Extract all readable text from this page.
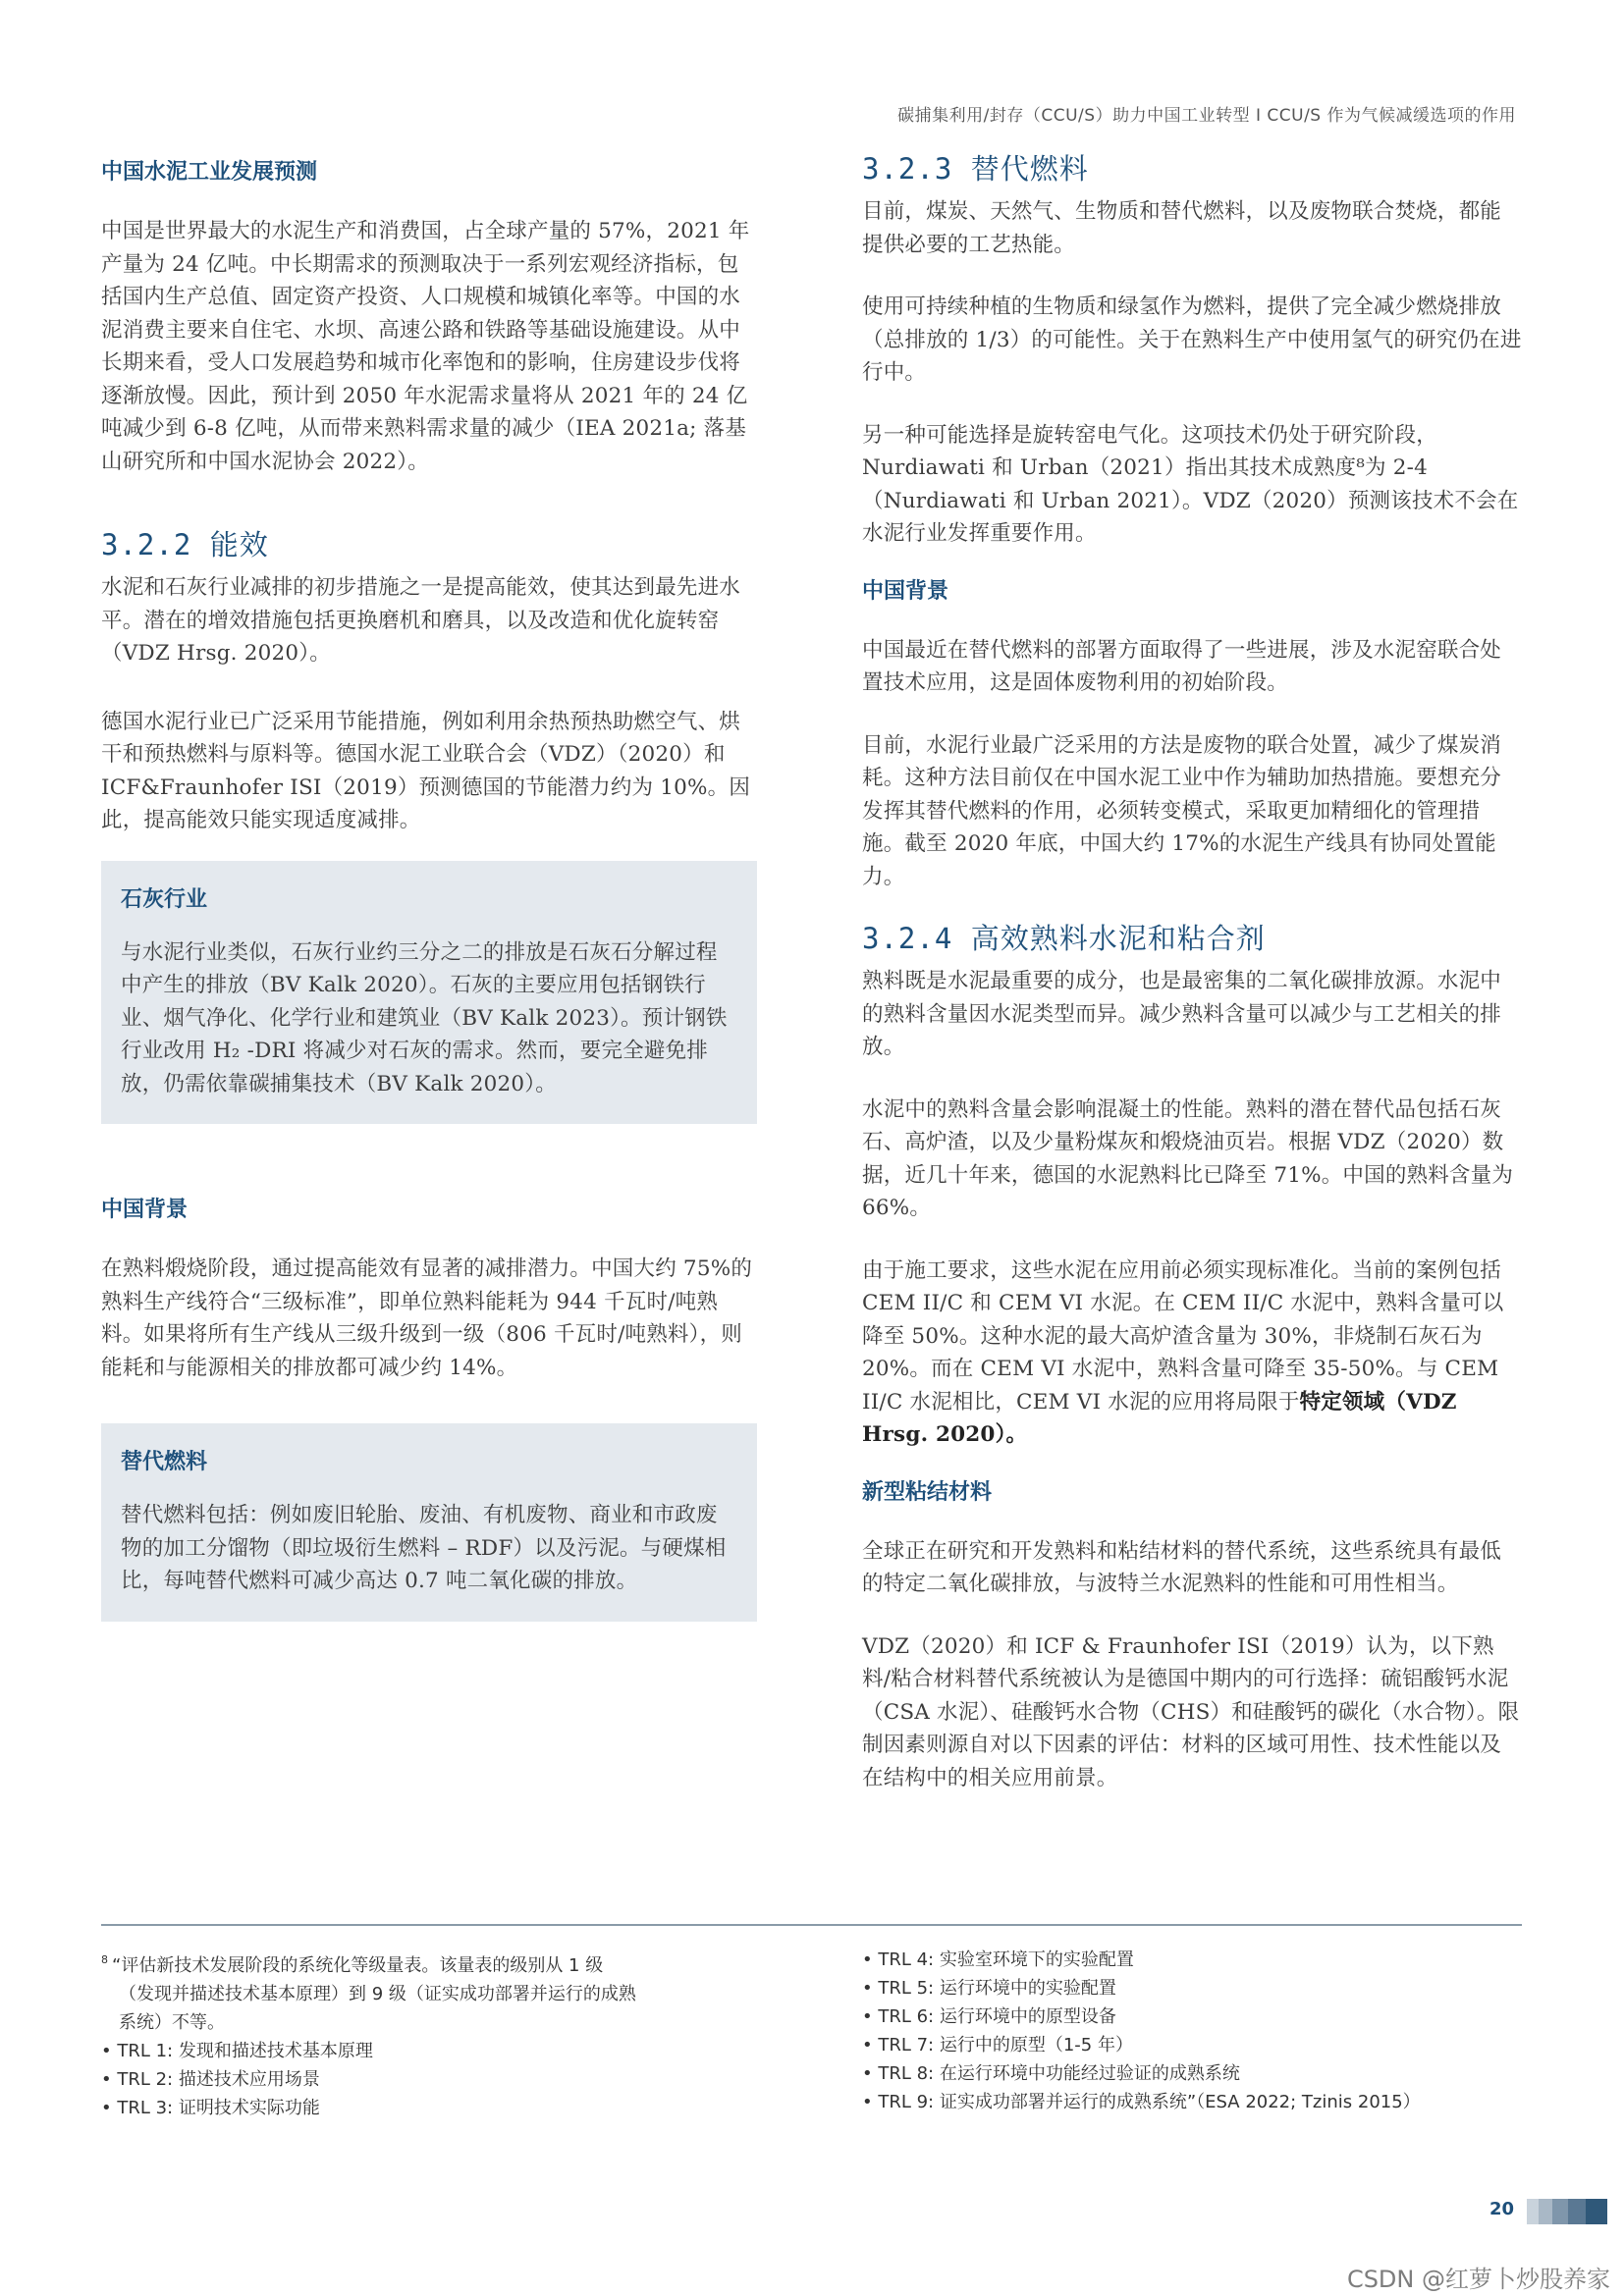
碳捕集利用/封存（CCU/S）助力中国工业转型 I CCU/S 作为气候减缓选项的作用
中国水泥工业发展预测

中国是世界最大的水泥生产和消费国，占全球产量的 57%，2021 年产量为 24 亿吨。中长期需求的预测取决于一系列宏观经济指标，包括国内生产总值、固定资产投资、人口规模和城镇化率等。中国的水泥消费主要来自住宅、水坝、高速公路和铁路等基础设施建设。从中长期来看，受人口发展趋势和城市化率饱和的影响，住房建设步伐将逐渐放慢。因此，预计到 2050 年水泥需求量将从 2021 年的 24 亿吨减少到 6-8 亿吨，从而带来熟料需求量的减少（IEA 2021a; 落基山研究所和中国水泥协会 2022）。

3.2.2 能效

水泥和石灰行业减排的初步措施之一是提高能效，使其达到最先进水平。潜在的增效措施包括更换磨机和磨具，以及改造和优化旋转窑（VDZ Hrsg. 2020）。

德国水泥行业已广泛采用节能措施，例如利用余热预热助燃空气、烘干和预热燃料与原料等。德国水泥工业联合会（VDZ）（2020）和 ICF&Fraunhofer ISI（2019）预测德国的节能潜力约为 10%。因此，提高能效只能实现适度减排。

石灰行业

与水泥行业类似，石灰行业约三分之二的排放是石灰石分解过程中产生的排放（BV Kalk 2020）。石灰的主要应用包括钢铁行业、烟气净化、化学行业和建筑业（BV Kalk 2023）。预计钢铁行业改用 H₂ -DRI 将减少对石灰的需求。然而，要完全避免排放，仍需依靠碳捕集技术（BV Kalk 2020）。

中国背景

在熟料煅烧阶段，通过提高能效有显著的减排潜力。中国大约 75%的熟料生产线符合“三级标准”，即单位熟料能耗为 944 千瓦时/吨熟料。如果将所有生产线从三级升级到一级（806 千瓦时/吨熟料），则能耗和与能源相关的排放都可减少约 14%。

替代燃料

替代燃料包括：例如废旧轮胎、废油、有机废物、商业和市政废物的加工分馏物（即垃圾衍生燃料 – RDF）以及污泥。与硬煤相比，每吨替代燃料可减少高达 0.7 吨二氧化碳的排放。

3.2.3 替代燃料

目前，煤炭、天然气、生物质和替代燃料，以及废物联合焚烧，都能提供必要的工艺热能。

使用可持续种植的生物质和绿氢作为燃料，提供了完全减少燃烧排放（总排放的 1/3）的可能性。关于在熟料生产中使用氢气的研究仍在进行中。

另一种可能选择是旋转窑电气化。这项技术仍处于研究阶段，Nurdiawati 和 Urban（2021）指出其技术成熟度⁸为 2-4（Nurdiawati 和 Urban 2021）。VDZ（2020）预测该技术不会在水泥行业发挥重要作用。

中国背景

中国最近在替代燃料的部署方面取得了一些进展，涉及水泥窑联合处置技术应用，这是固体废物利用的初始阶段。

目前，水泥行业最广泛采用的方法是废物的联合处置，减少了煤炭消耗。这种方法目前仅在中国水泥工业中作为辅助加热措施。要想充分发挥其替代燃料的作用，必须转变模式，采取更加精细化的管理措施。截至 2020 年底，中国大约 17%的水泥生产线具有协同处置能力。

3.2.4 高效熟料水泥和粘合剂

熟料既是水泥最重要的成分，也是最密集的二氧化碳排放源。水泥中的熟料含量因水泥类型而异。减少熟料含量可以减少与工艺相关的排放。

水泥中的熟料含量会影响混凝土的性能。熟料的潜在替代品包括石灰石、高炉渣，以及少量粉煤灰和煅烧油页岩。根据 VDZ（2020）数据，近几十年来，德国的水泥熟料比已降至 71%。中国的熟料含量为 66%。

由于施工要求，这些水泥在应用前必须实现标准化。当前的案例包括 CEM II/C 和 CEM VI 水泥。在 CEM II/C 水泥中，熟料含量可以降至 50%。这种水泥的最大高炉渣含量为 30%，非烧制石灰石为 20%。而在 CEM VI 水泥中，熟料含量可降至 35-50%。与 CEM II/C 水泥相比，CEM VI 水泥的应用将局限于特定领域（VDZ Hrsg. 2020）。

新型粘结材料

全球正在研究和开发熟料和粘结材料的替代系统，这些系统具有最低的特定二氧化碳排放，与波特兰水泥熟料的性能和可用性相当。

VDZ（2020）和 ICF & Fraunhofer ISI（2019）认为，以下熟料/粘合材料替代系统被认为是德国中期内的可行选择：硫铝酸钙水泥（CSA 水泥）、硅酸钙水合物（CHS）和硅酸钙的碳化（水合物）。限制因素则源自对以下因素的评估：材料的区域可用性、技术性能以及在结构中的相关应用前景。

$^8$ “评估新技术发展阶段的系统化等级量表。该量表的级别从 1 级
（发现并描述技术基本原理）到 9 级（证实成功部署并运行的成熟
系统）不等。
• TRL 1: 发现和描述技术基本原理
• TRL 2: 描述技术应用场景
• TRL 3: 证明技术实际功能
• TRL 4: 实验室环境下的实验配置
• TRL 5: 运行环境中的实验配置
• TRL 6: 运行环境中的原型设备
• TRL 7: 运行中的原型（1-5 年）
• TRL 8: 在运行环境中功能经过验证的成熟系统
• TRL 9: 证实成功部署并运行的成熟系统”（ESA 2022; Tzinis 2015）
20
CSDN @红萝卜炒股养家
